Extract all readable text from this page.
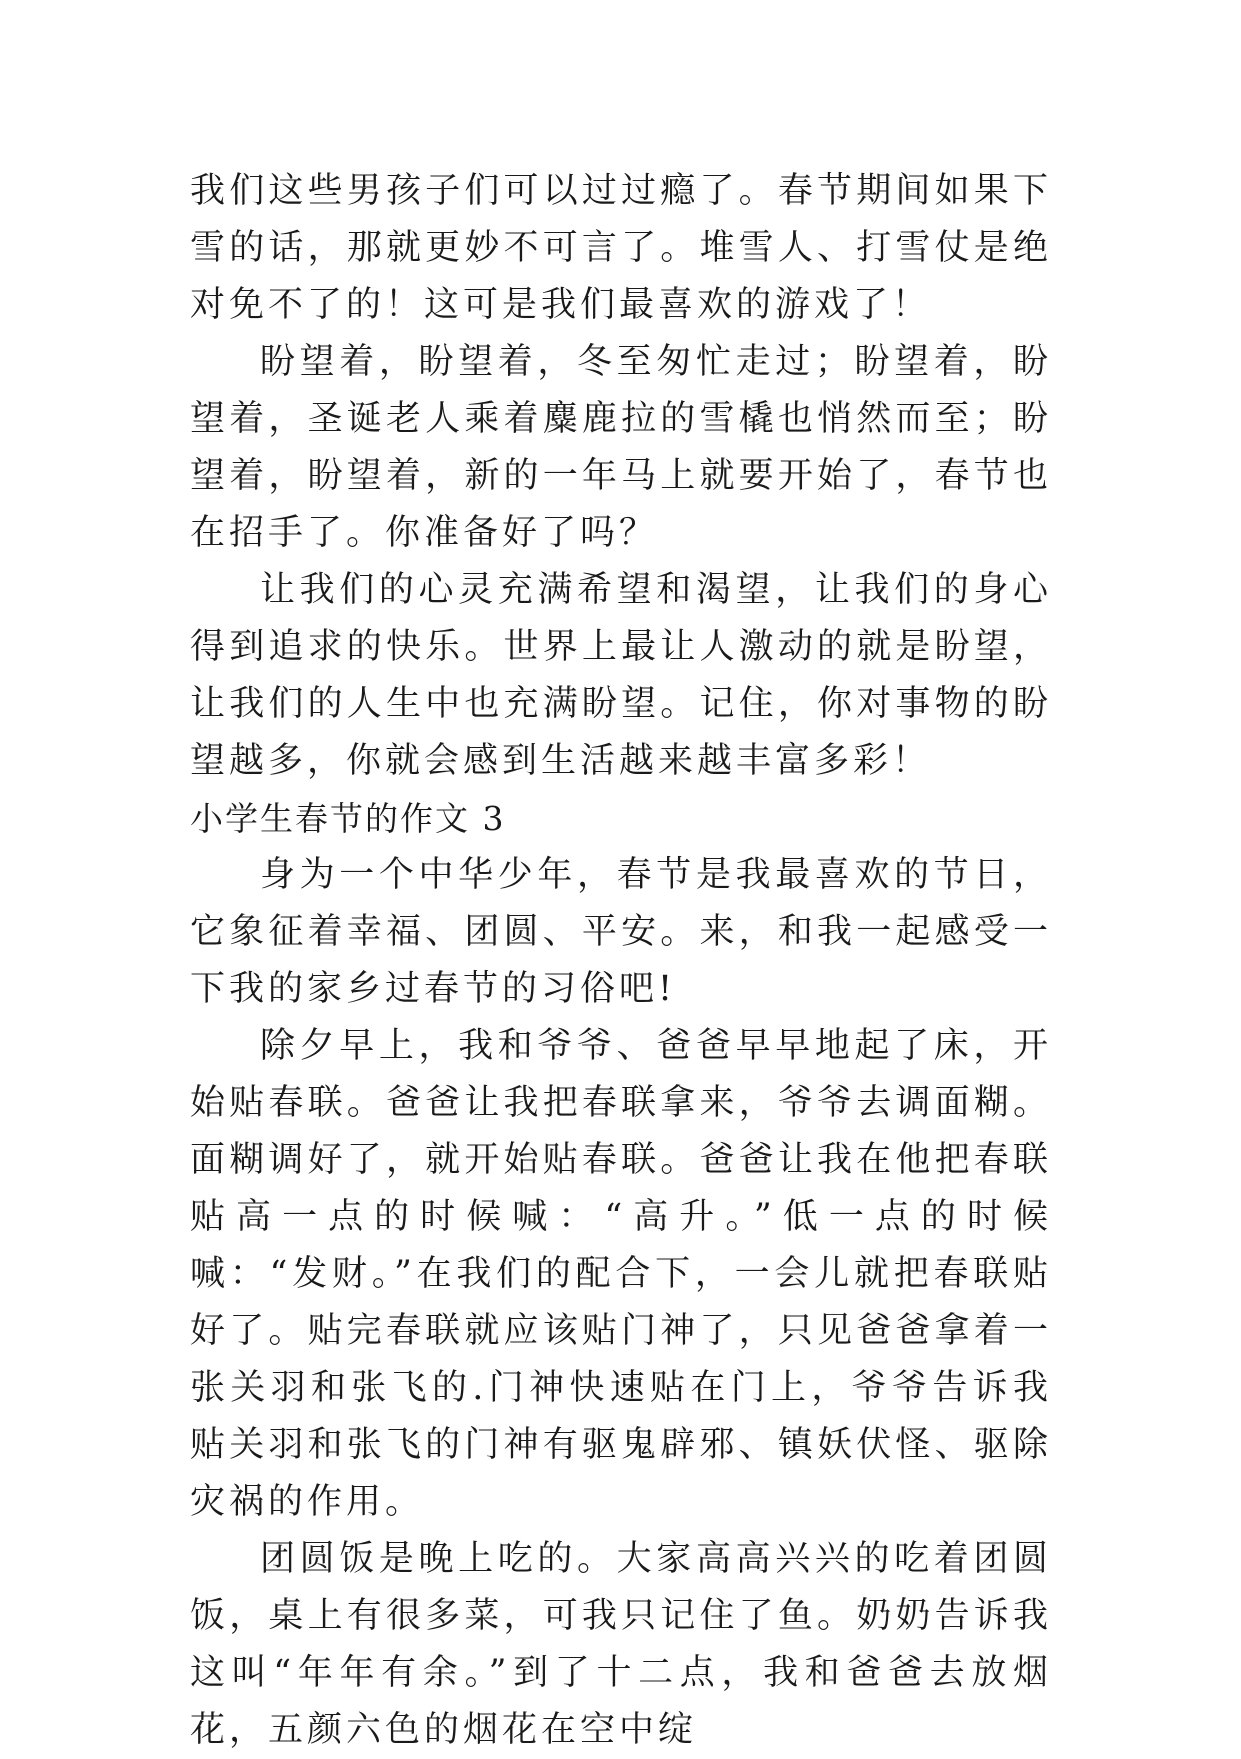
我们这些男孩子们可以过过瘾了。春节期间如果下雪的话，那就更妙不可言了。堆雪人、打雪仗是绝对免不了的！这可是我们最喜欢的游戏了！

盼望着，盼望着，冬至匆忙走过；盼望着，盼望着，圣诞老人乘着麋鹿拉的雪橇也悄然而至；盼望着，盼望着，新的一年马上就要开始了，春节也在招手了。你准备好了吗？

让我们的心灵充满希望和渴望，让我们的身心得到追求的快乐。世界上最让人激动的就是盼望，让我们的人生中也充满盼望。记住，你对事物的盼望越多，你就会感到生活越来越丰富多彩！

小学生春节的作文 3

身为一个中华少年，春节是我最喜欢的节日，它象征着幸福、团圆、平安。来，和我一起感受一下我的家乡过春节的习俗吧!

除夕早上，我和爷爷、爸爸早早地起了床，开始贴春联。爸爸让我把春联拿来，爷爷去调面糊。面糊调好了，就开始贴春联。爸爸让我在他把春联贴高一点的时候喊：“高升。”低一点的时候喊：“发财。”在我们的配合下，一会儿就把春联贴好了。贴完春联就应该贴门神了，只见爸爸拿着一张关羽和张飞的.门神快速贴在门上，爷爷告诉我贴关羽和张飞的门神有驱鬼辟邪、镇妖伏怪、驱除灾祸的作用。

团圆饭是晚上吃的。大家高高兴兴的吃着团圆饭，桌上有很多菜，可我只记住了鱼。奶奶告诉我这叫“年年有余。”到了十二点，我和爸爸去放烟花，五颜六色的烟花在空中绽
